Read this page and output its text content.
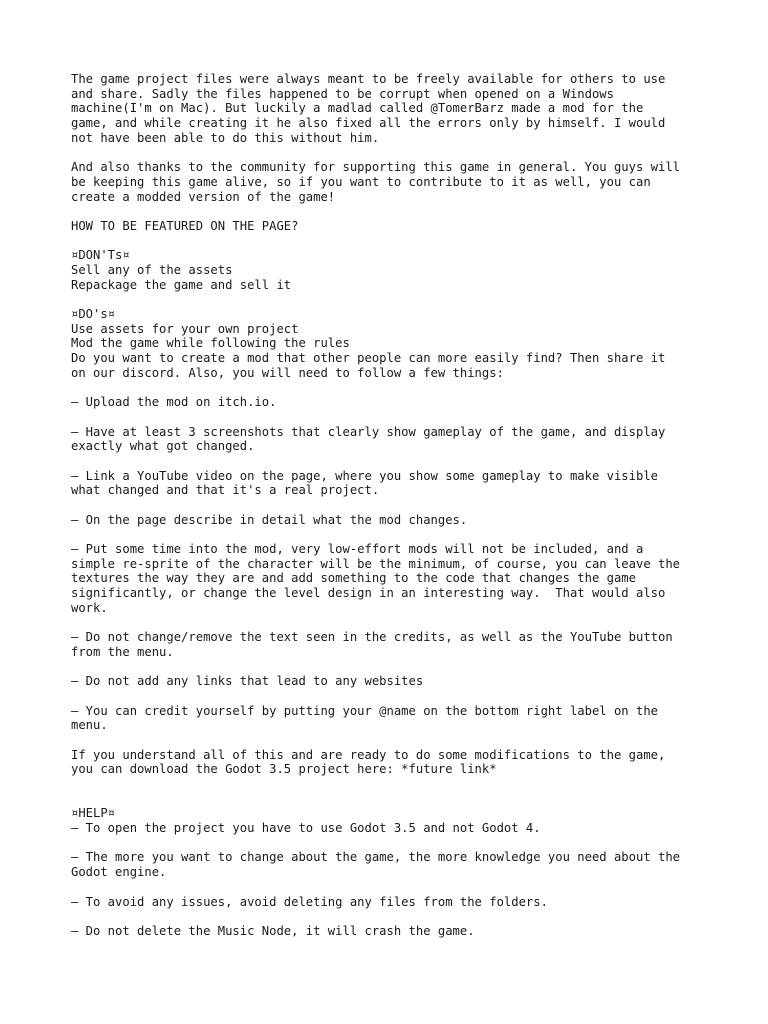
The game project files were always meant to be freely available for others to use
and share. Sadly the files happened to be corrupt when opened on a Windows
machine(I'm on Mac). But luckily a madlad called @TomerBarz made a mod for the
game, and while creating it he also fixed all the errors only by himself. I would
not have been able to do this without him.
And also thanks to the community for supporting this game in general. You guys will
be keeping this game alive, so if you want to contribute to it as well, you can
create a modded version of the game!
HOW TO BE FEATURED ON THE PAGE?
¤DON'Ts¤
Sell any of the assets
Repackage the game and sell it
¤DO's¤
Use assets for your own project
Mod the game while following the rules
Do you want to create a mod that other people can more easily find? Then share it
on our discord. Also, you will need to follow a few things:
– Upload the mod on itch.io.
– Have at least 3 screenshots that clearly show gameplay of the game, and display
exactly what got changed.
– Link a YouTube video on the page, where you show some gameplay to make visible
what changed and that it's a real project.
– On the page describe in detail what the mod changes.
– Put some time into the mod, very low-effort mods will not be included, and a
simple re-sprite of the character will be the minimum, of course, you can leave the
textures the way they are and add something to the code that changes the game
significantly, or change the level design in an interesting way.  That would also
work.
– Do not change/remove the text seen in the credits, as well as the YouTube button
from the menu.
– Do not add any links that lead to any websites
– You can credit yourself by putting your @name on the bottom right label on the
menu.
If you understand all of this and are ready to do some modifications to the game,
you can download the Godot 3.5 project here: *future link*
¤HELP¤
– To open the project you have to use Godot 3.5 and not Godot 4.
– The more you want to change about the game, the more knowledge you need about the
Godot engine.
– To avoid any issues, avoid deleting any files from the folders.
– Do not delete the Music Node, it will crash the game.
